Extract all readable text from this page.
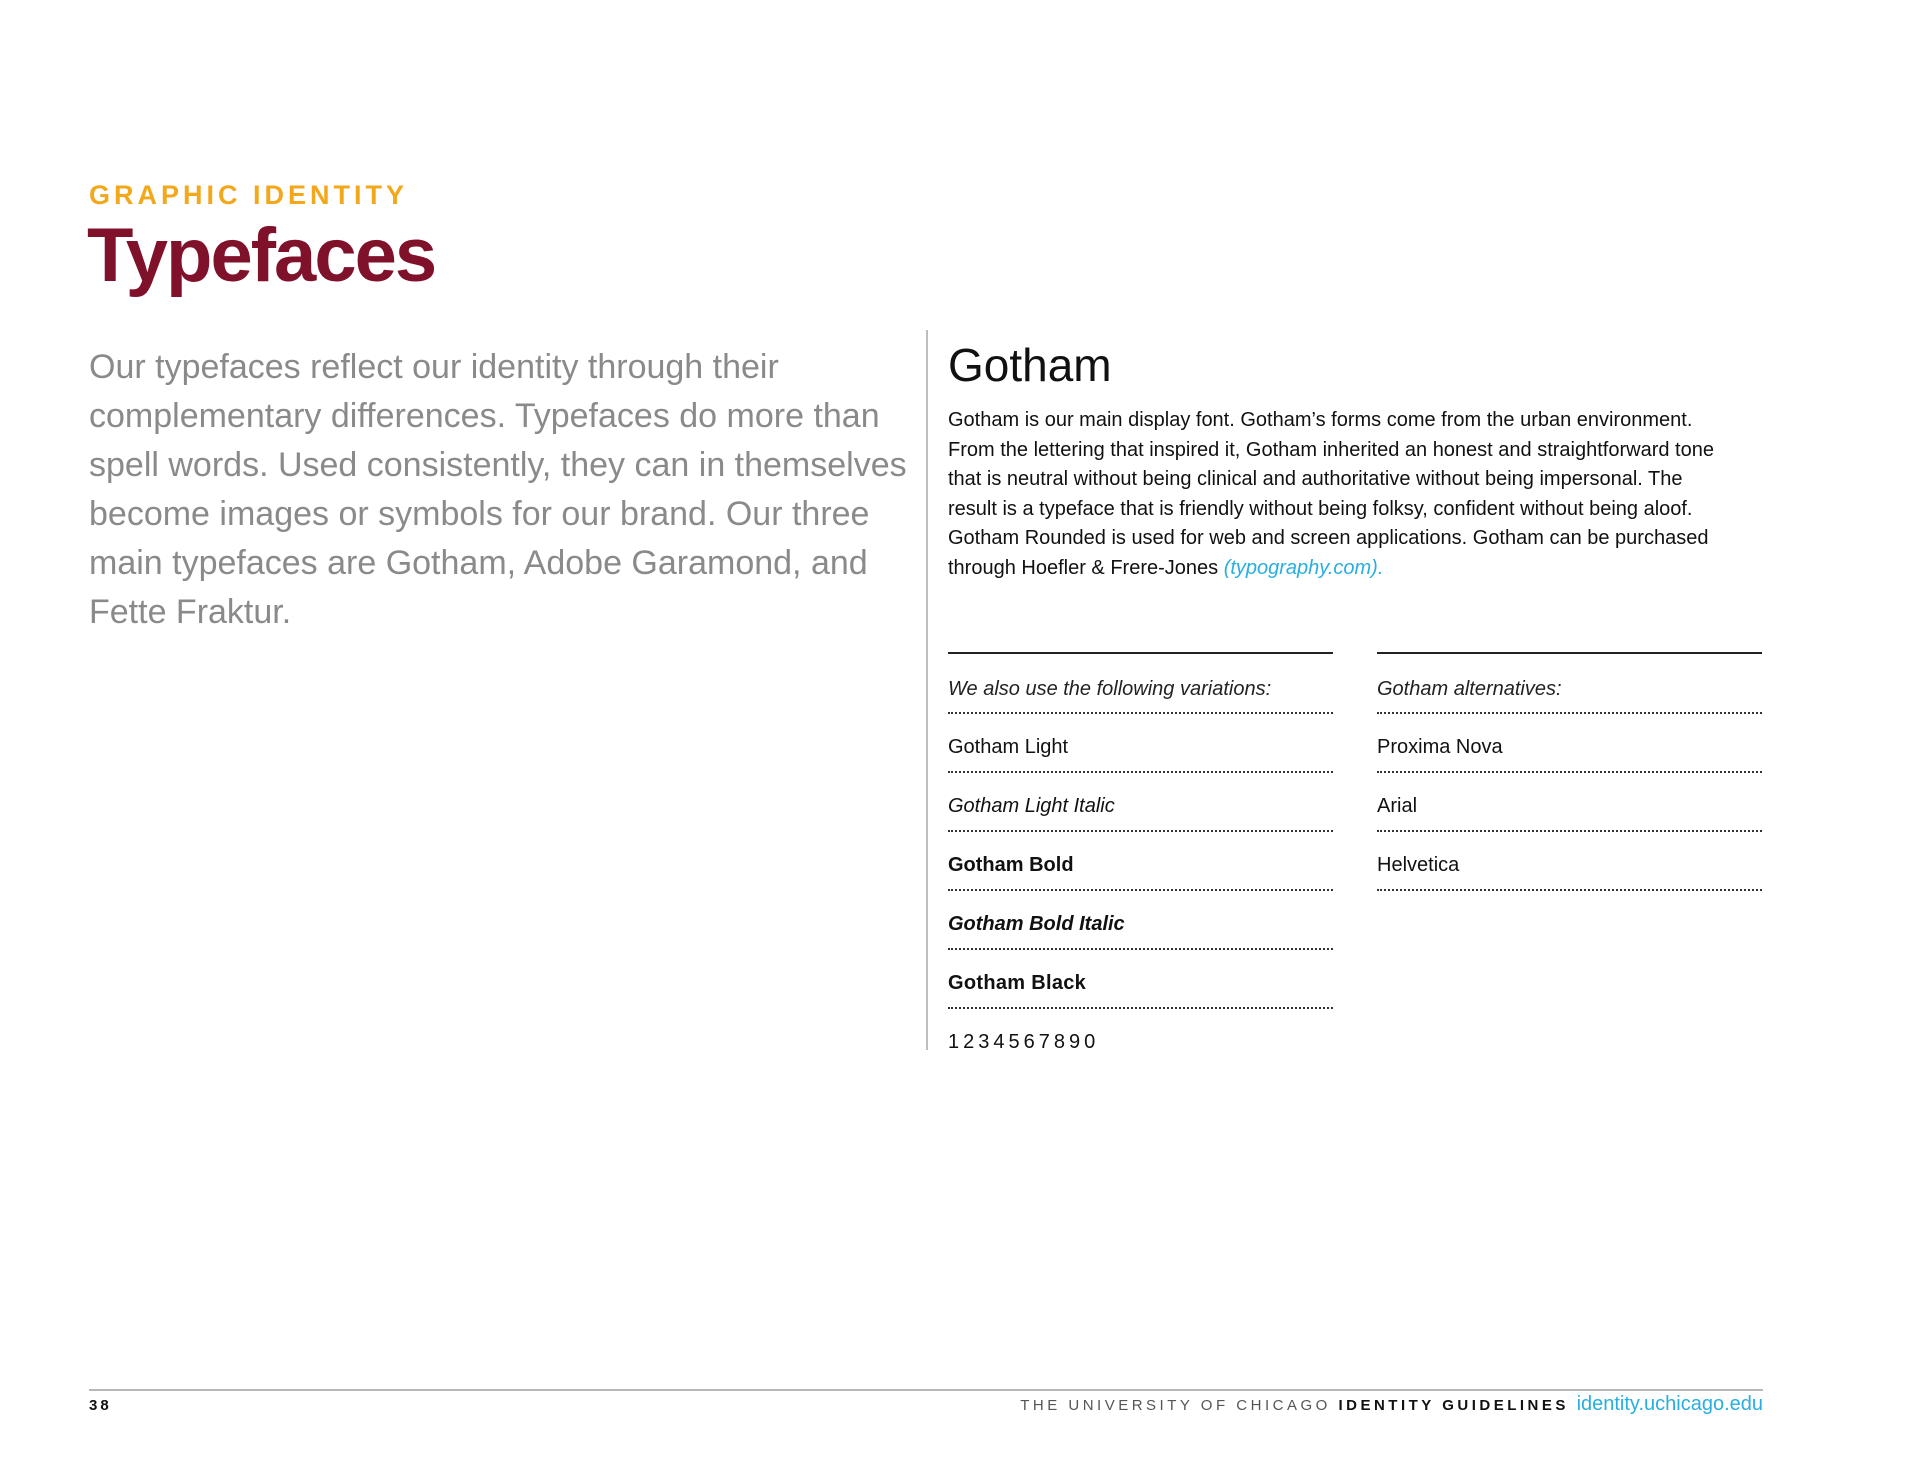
GRAPHIC IDENTITY
Typefaces
Our typefaces reflect our identity through their complementary differences. Typefaces do more than spell words. Used consistently, they can in themselves become images or symbols for our brand. Our three main typefaces are Gotham, Adobe Garamond, and Fette Fraktur.
Gotham
Gotham is our main display font. Gotham’s forms come from the urban environment. From the lettering that inspired it, Gotham inherited an honest and straightforward tone that is neutral without being clinical and authoritative without being impersonal. The result is a typeface that is friendly without being folksy, confident without being aloof. Gotham Rounded is used for web and screen applications. Gotham can be purchased through Hoefler & Frere-Jones (typography.com).
We also use the following variations:
Gotham Light
Gotham Light Italic
Gotham Bold
Gotham Bold Italic
Gotham Black
1234567890
Gotham alternatives:
Proxima Nova
Arial
Helvetica
38	THE UNIVERSITY OF CHICAGO IDENTITY GUIDELINES identity.uchicago.edu
